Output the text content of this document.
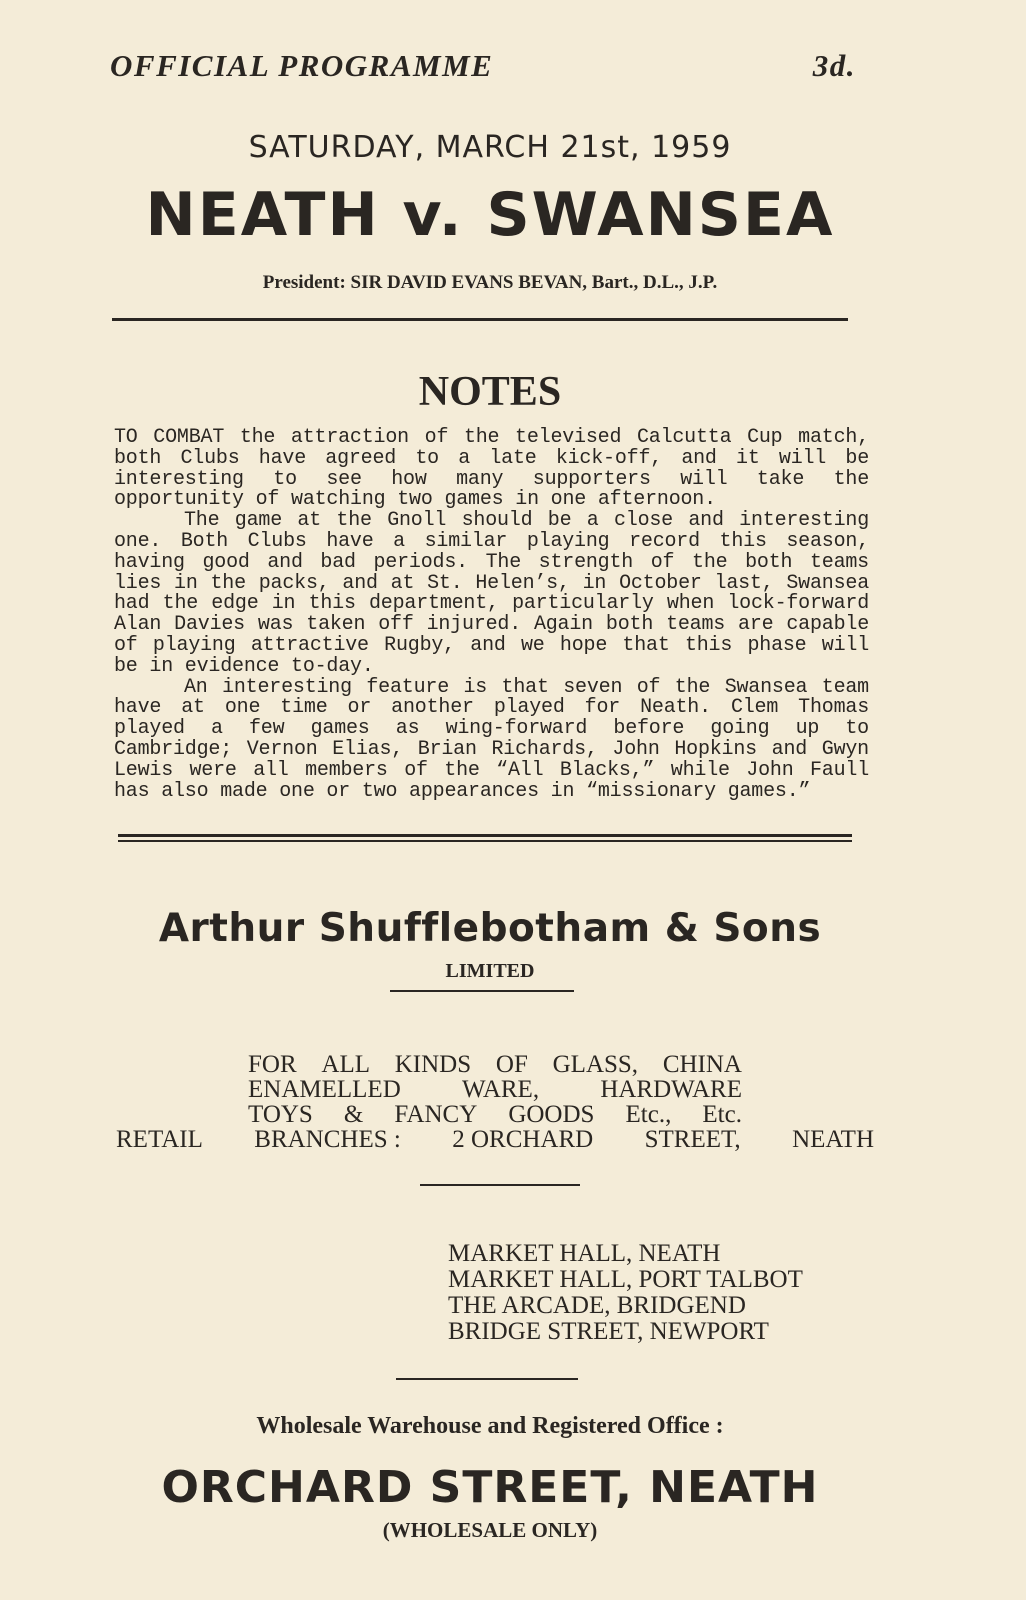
OFFICIAL PROGRAMME	3d.
SATURDAY, MARCH 21st, 1959
NEATH v. SWANSEA
President: SIR DAVID EVANS BEVAN, Bart., D.L., J.P.
NOTES

TO COMBAT the attraction of the televised Calcutta Cup match, both Clubs have agreed to a late kick-off, and it will be interesting to see how many supporters will take the opportunity of watching two games in one afternoon.

The game at the Gnoll should be a close and interesting one. Both Clubs have a similar playing record this season, having good and bad periods. The strength of the both teams lies in the packs, and at St. Helen’s, in October last, Swansea had the edge in this department, particularly when lock-forward Alan Davies was taken off injured. Again both teams are capable of playing attractive Rugby, and we hope that this phase will be in evidence to-day.

An interesting feature is that seven of the Swansea team have at one time or another played for Neath. Clem Thomas played a few games as wing-forward before going up to Cambridge; Vernon Elias, Brian Richards, John Hopkins and Gwyn Lewis were all members of the “All Blacks,” while John Faull has also made one or two appearances in “missionary games.”

Arthur Shufflebotham & Sons
LIMITED
FOR ALL KINDS OF GLASS, CHINA
ENAMELLED WARE, HARDWARE
TOYS & FANCY GOODS Etc., Etc.
RETAIL BRANCHES : 2 ORCHARD STREET, NEATH
MARKET HALL, NEATH
MARKET HALL, PORT TALBOT
THE ARCADE, BRIDGEND
BRIDGE STREET, NEWPORT
Wholesale Warehouse and Registered Office :
ORCHARD STREET, NEATH
(WHOLESALE ONLY)
